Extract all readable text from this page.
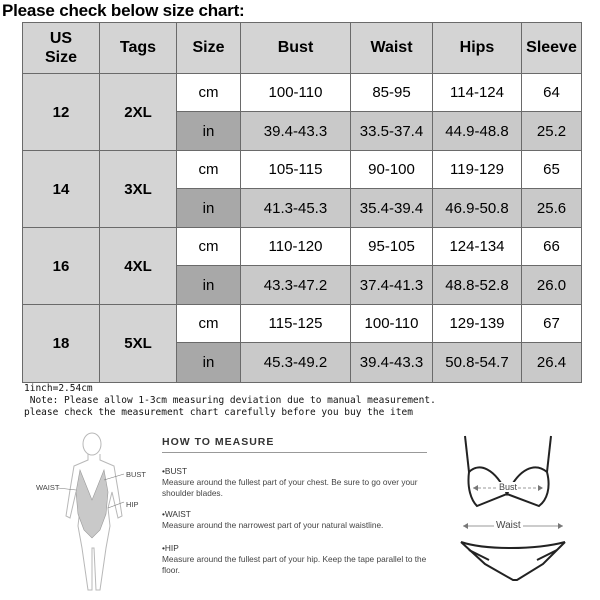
Please check below size chart:
US
Size	Tags	Size	Bust	Waist	Hips	Sleeve
12	2XL	cm	100-110	85-95	114-124	64
		in	39.4-43.3	33.5-37.4	44.9-48.8	25.2
14	3XL	cm	105-115	90-100	119-129	65
		in	41.3-45.3	35.4-39.4	46.9-50.8	25.6
16	4XL	cm	110-120	95-105	124-134	66
		in	43.3-47.2	37.4-41.3	48.8-52.8	26.0
18	5XL	cm	115-125	100-110	129-139	67
		in	45.3-49.2	39.4-43.3	50.8-54.7	26.4
1inch=2.54cm
Note: Please allow 1-3cm measuring deviation due to manual measurement.
please check the measurement chart carefully before you buy the item
WAIST
BUST
HIP
HOW TO MEASURE
•BUST
Measure around the fullest part of your chest. Be sure to go over your shoulder blades.
•WAIST
Measure around the narrowest part of your natural waistline.
•HIP
Measure around the fullest part of your hip. Keep the tape parallel to the floor.
Bust
Waist
